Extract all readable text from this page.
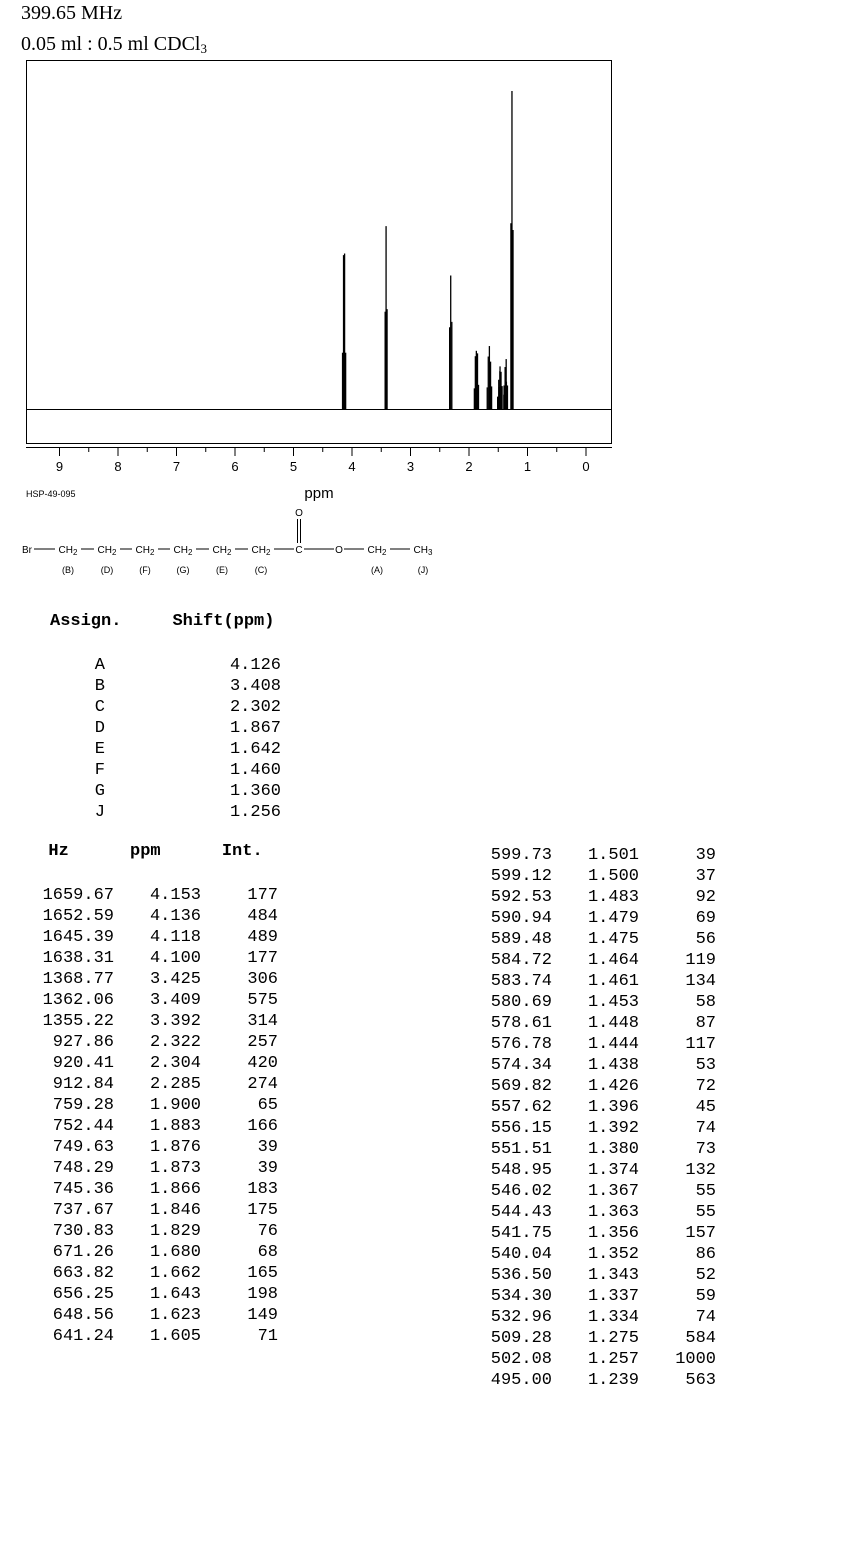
399.65 MHz
0.05 ml : 0.5 ml CDCl$_3$
9	8	7	6	5	4	3	2	1	0
ppm
HSP-49-095
Br	$CH_2$ $CH_2$ $CH_2$ $CH_2$ $CH_2$ $CH_2$ C	O $CH_2$	$CH_3$
O
(B)	(D)	(F)	(G)	(E)	(C)	(A)	(J)
Assign.	Shift(ppm)
A	4.126
B	3.408
C	2.302
D	1.867
E	1.642
F	1.460
G	1.360
J	1.256
Hz	ppm	Int.
1659.67 4.153	177
1652.59 4.136	484
1645.39 4.118	489
1638.31 4.100	177
1368.77 3.425	306
1362.06 3.409	575
1355.22 3.392	314
927.86 2.322	257
920.41 2.304	420
912.84 2.285	274
759.28 1.900	65
752.44 1.883	166
749.63 1.876	39
748.29 1.873	39
745.36 1.866	183
737.67 1.846	175
730.83 1.829	76
671.26 1.680	68
663.82 1.662	165
656.25 1.643	198
648.56 1.623	149
641.24 1.605	71
599.73 1.501	39
599.12 1.500	37
592.53 1.483	92
590.94 1.479	69
589.48 1.475	56
584.72 1.464	119
583.74 1.461	134
580.69 1.453	58
578.61 1.448	87
576.78 1.444	117
574.34 1.438	53
569.82 1.426	72
557.62 1.396	45
556.15 1.392	74
551.51 1.380	73
548.95 1.374	132
546.02 1.367	55
544.43 1.363	55
541.75 1.356	157
540.04 1.352	86
536.50 1.343	52
534.30 1.337	59
532.96 1.334	74
509.28 1.275	584
502.08 1.257 1000
495.00 1.239	563
